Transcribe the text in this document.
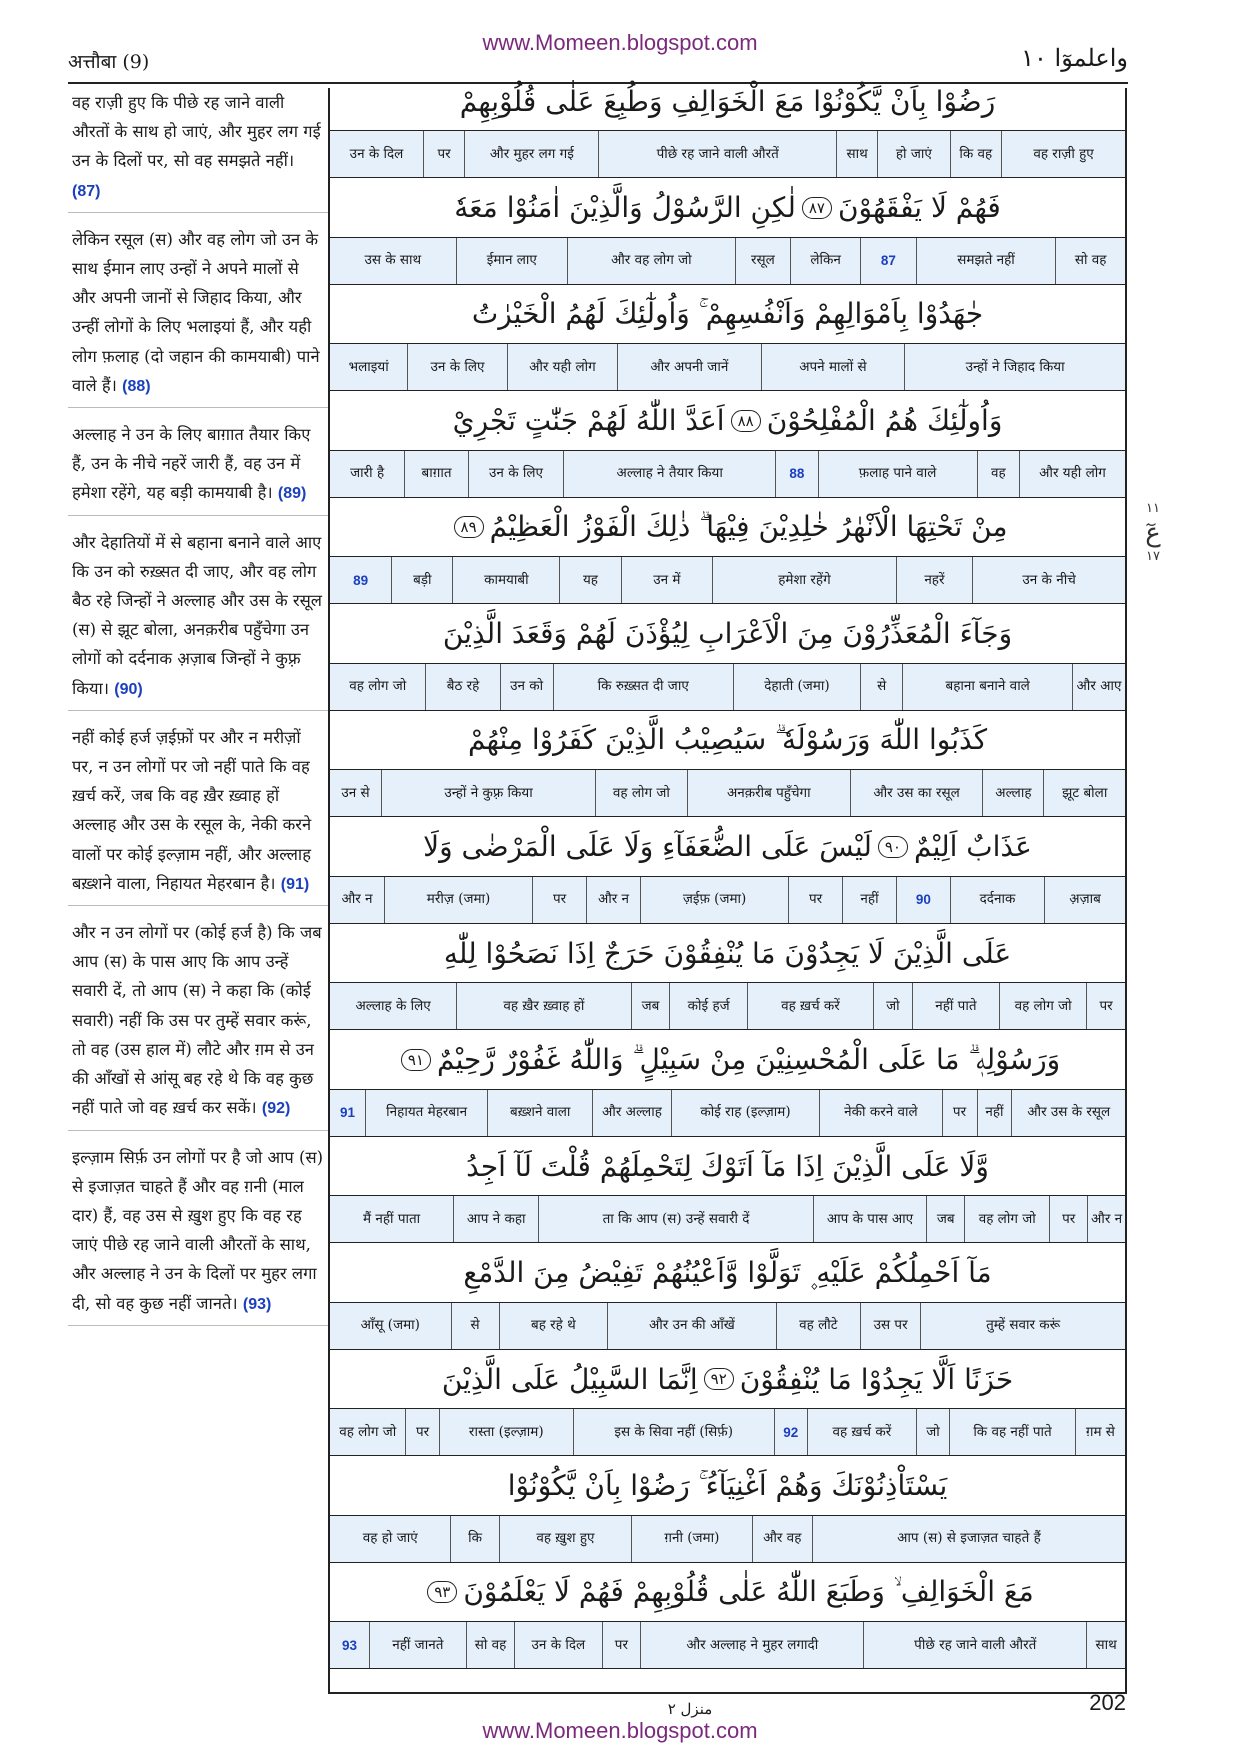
www.Momeen.blogspot.com
अत्तौबा (9)	واعلموٓا ١٠
वह राज़ी हुए कि पीछे रह जाने वाली औरतों के साथ हो जाएं, और मुहर लग गई उन के दिलों पर, सो वह समझते नहीं। (87)
लेकिन रसूल (स) और वह लोग जो उन के साथ ईमान लाए उन्हों ने अपने मालों से और अपनी जानों से जिहाद किया, और उन्हीं लोगों के लिए भलाइयां हैं, और यही लोग फ़लाह (दो जहान की कामयाबी) पाने वाले हैं। (88)
अल्लाह ने उन के लिए बाग़ात तैयार किए हैं, उन के नीचे नहरें जारी हैं, वह उन में हमेशा रहेंगे, यह बड़ी कामयाबी है। (89)
और देहातियों में से बहाना बनाने वाले आए कि उन को रुख़्सत दी जाए, और वह लोग बैठ रहे जिन्हों ने अल्लाह और उस के रसूल (स) से झूट बोला, अनक़रीब पहुँचेगा उन लोगों को दर्दनाक अ़ज़ाब जिन्हों ने कुफ़्र किया। (90)
नहीं कोई हर्ज ज़ईफ़ों पर और न मरीज़ों पर, न उन लोगों पर जो नहीं पाते कि वह ख़र्च करें, जब कि वह ख़ैर ख़्वाह हों अल्लाह और उस के रसूल के, नेकी करने वालों पर कोई इल्ज़ाम नहीं, और अल्लाह बख़्शने वाला, निहायत मेहरबान है। (91)
और न उन लोगों पर (कोई हर्ज है) कि जब आप (स) के पास आए कि आप उन्हें सवारी दें, तो आप (स) ने कहा कि (कोई सवारी) नहीं कि उस पर तुम्हें सवार करूं, तो वह (उस हाल में) लौटे और ग़म से उन की आँखों से आंसू बह रहे थे कि वह कुछ नहीं पाते जो वह ख़र्च कर सकें। (92)
इल्ज़ाम सिर्फ़ उन लोगों पर है जो आप (स) से इजाज़त चाहते हैं और वह ग़नी (माल दार) हैं, वह उस से ख़ुश हुए कि वह रह जाएं पीछे रह जाने वाली औरतों के साथ, और अल्लाह ने उन के दिलों पर मुहर लगा दी, सो वह कुछ नहीं जानते। (93)
رَضُوْا بِاَنْ يَّكُوْنُوْا مَعَ الْخَوَالِفِ وَطُبِعَ عَلٰى قُلُوْبِهِمْ
वह राज़ी हुए
कि वह
हो जाएं
साथ
पीछे रह जाने वाली औरतें
और मुहर लग गई
पर
उन के दिल
فَهُمْ لَا يَفْقَهُوْنَ
٨٧
لٰكِنِ الرَّسُوْلُ وَالَّذِيْنَ اٰمَنُوْا مَعَهٗ
सो वह
समझते नहीं
87
लेकिन
रसूल
और वह लोग जो
ईमान लाए
उस के साथ
جٰهَدُوْا بِاَمْوَالِهِمْ وَاَنْفُسِهِمْ ۚ وَاُولٰٓئِكَ لَهُمُ الْخَيْرٰتُ
उन्हों ने जिहाद किया
अपने मालों से
और अपनी जानें
और यही लोग
उन के लिए
भलाइयां
وَاُولٰٓئِكَ هُمُ الْمُفْلِحُوْنَ
٨٨
اَعَدَّ اللّٰهُ لَهُمْ جَنّٰتٍ تَجْرِيْ
और यही लोग
वह
फ़लाह पाने वाले
88
अल्लाह ने तैयार किया
उन के लिए
बाग़ात
जारी है
مِنْ تَحْتِهَا الْاَنْهٰرُ خٰلِدِيْنَ فِيْهَا ۗ ذٰلِكَ الْفَوْزُ الْعَظِيْمُ
٨٩
उन के नीचे
नहरें
हमेशा रहेंगे
उन में
यह
कामयाबी
बड़ी
89
وَجَآءَ الْمُعَذِّرُوْنَ مِنَ الْاَعْرَابِ لِيُؤْذَنَ لَهُمْ وَقَعَدَ الَّذِيْنَ
और आए
बहाना बनाने वाले
से
देहाती (जमा)
कि रुख़्सत दी जाए
उन को
बैठ रहे
वह लोग जो
كَذَبُوا اللّٰهَ وَرَسُوْلَهٗ ۗ سَيُصِيْبُ الَّذِيْنَ كَفَرُوْا مِنْهُمْ
झूट बोला
अल्लाह
और उस का रसूल
अनक़रीब पहुँचेगा
वह लोग जो
उन्हों ने कुफ़्र किया
उन से
عَذَابٌ اَلِيْمٌ
٩٠
لَيْسَ عَلَى الضُّعَفَآءِ وَلَا عَلَى الْمَرْضٰى وَلَا
अ़ज़ाब
दर्दनाक
90
नहीं
पर
ज़ईफ़ (जमा)
और न
पर
मरीज़ (जमा)
और न
عَلَى الَّذِيْنَ لَا يَجِدُوْنَ مَا يُنْفِقُوْنَ حَرَجٌ اِذَا نَصَحُوْا لِلّٰهِ
पर
वह लोग जो
नहीं पाते
जो
वह ख़र्च करें
कोई हर्ज
जब
वह ख़ैर ख़्वाह हों
अल्लाह के लिए
وَرَسُوْلِهٖ ۗ مَا عَلَى الْمُحْسِنِيْنَ مِنْ سَبِيْلٍ ۗ وَاللّٰهُ غَفُوْرٌ رَّحِيْمٌ
٩١
और उस के रसूल
नहीं
पर
नेकी करने वाले
कोई राह (इल्ज़ाम)
और अल्लाह
बख़्शने वाला
निहायत मेहरबान
91
وَّلَا عَلَى الَّذِيْنَ اِذَا مَآ اَتَوْكَ لِتَحْمِلَهُمْ قُلْتَ لَآ اَجِدُ
और न
पर
वह लोग जो
जब
आप के पास आए
ता कि आप (स) उन्हें सवारी दें
आप ने कहा
मैं नहीं पाता
مَآ اَحْمِلُكُمْ عَلَيْهِ ۪ تَوَلَّوْا وَّاَعْيُنُهُمْ تَفِيْضُ مِنَ الدَّمْعِ
तुम्हें सवार करूं
उस पर
वह लौटे
और उन की आँखें
बह रहे थे
से
आँसू (जमा)
حَزَنًا اَلَّا يَجِدُوْا مَا يُنْفِقُوْنَ
٩٢
اِنَّمَا السَّبِيْلُ عَلَى الَّذِيْنَ
ग़म से
कि वह नहीं पाते
जो
वह ख़र्च करें
92
इस के सिवा नहीं (सिर्फ़)
रास्ता (इल्ज़ाम)
पर
वह लोग जो
يَسْتَاْذِنُوْنَكَ وَهُمْ اَغْنِيَآءُ ۚ رَضُوْا بِاَنْ يَّكُوْنُوْا
आप (स) से इजाज़त चाहते हैं
और वह
ग़नी (जमा)
वह ख़ुश हुए
कि
वह हो जाएं
مَعَ الْخَوَالِفِ ۙ وَطَبَعَ اللّٰهُ عَلٰى قُلُوْبِهِمْ فَهُمْ لَا يَعْلَمُوْنَ
٩٣
साथ
पीछे रह जाने वाली औरतें
और अल्लाह ने मुहर लगादी
पर
उन के दिल
सो वह
नहीं जानते
93
١١
عٓ
١٧
منزل ٢	202
www.Momeen.blogspot.com
